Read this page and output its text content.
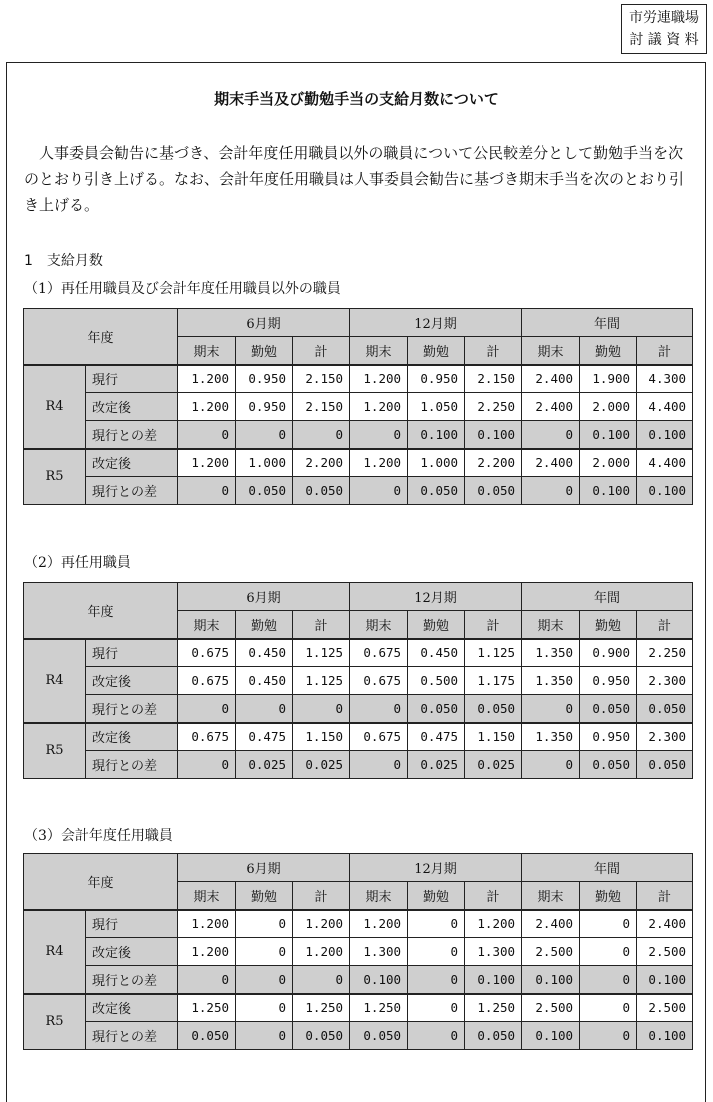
市労連職場
討 議 資 料
期末手当及び勤勉手当の支給月数について
人事委員会勧告に基づき、会計年度任用職員以外の職員について公民較差分として勤勉手当を次のとおり引き上げる。なお、会計年度任用職員は人事委員会勧告に基づき期末手当を次のとおり引き上げる。
1　支給月数
（1）再任用職員及び会計年度任用職員以外の職員
（2）再任用職員
（3）会計年度任用職員
年度		6月期			12月期			年間		
		期末	勤勉	計	期末	勤勉	計	期末	勤勉	計
R4	現行	1.200	0.950	2.150	1.200	0.950	2.150	2.400	1.900	4.300
	改定後	1.200	0.950	2.150	1.200	1.050	2.250	2.400	2.000	4.400
	現行との差	0	0	0	0	0.100	0.100	0	0.100	0.100
R5	改定後	1.200	1.000	2.200	1.200	1.000	2.200	2.400	2.000	4.400
	現行との差	0	0.050	0.050	0	0.050	0.050	0	0.100	0.100
年度		6月期			12月期			年間		
		期末	勤勉	計	期末	勤勉	計	期末	勤勉	計
R4	現行	0.675	0.450	1.125	0.675	0.450	1.125	1.350	0.900	2.250
	改定後	0.675	0.450	1.125	0.675	0.500	1.175	1.350	0.950	2.300
	現行との差	0	0	0	0	0.050	0.050	0	0.050	0.050
R5	改定後	0.675	0.475	1.150	0.675	0.475	1.150	1.350	0.950	2.300
	現行との差	0	0.025	0.025	0	0.025	0.025	0	0.050	0.050
年度		6月期			12月期			年間		
		期末	勤勉	計	期末	勤勉	計	期末	勤勉	計
R4	現行	1.200	0	1.200	1.200	0	1.200	2.400	0	2.400
	改定後	1.200	0	1.200	1.300	0	1.300	2.500	0	2.500
	現行との差	0	0	0	0.100	0	0.100	0.100	0	0.100
R5	改定後	1.250	0	1.250	1.250	0	1.250	2.500	0	2.500
	現行との差	0.050	0	0.050	0.050	0	0.050	0.100	0	0.100
